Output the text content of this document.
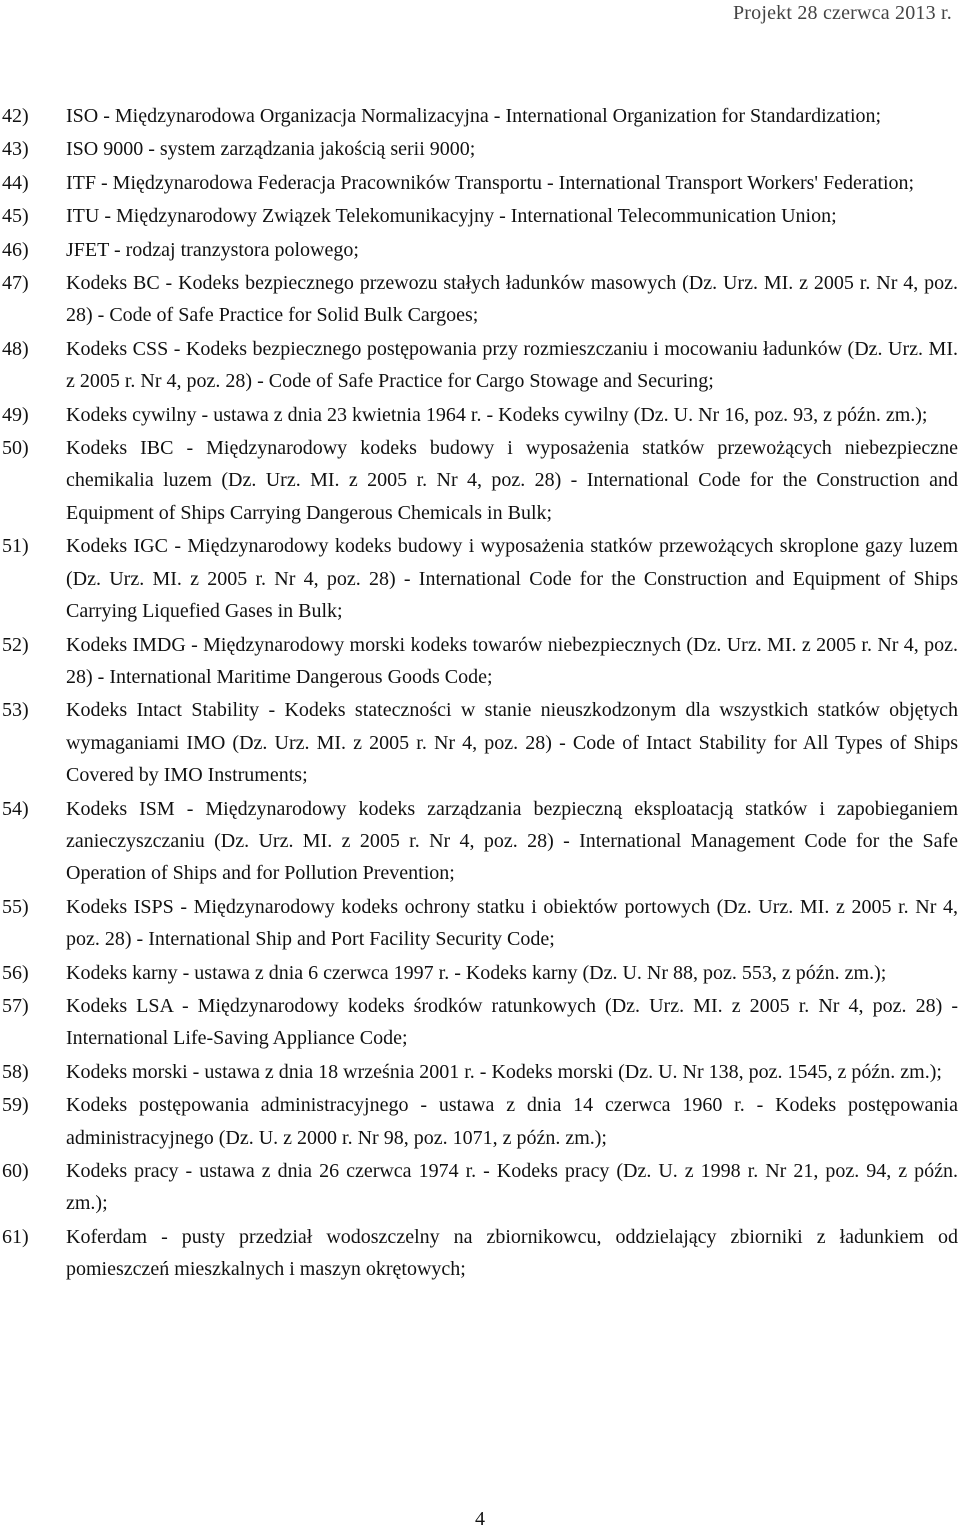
Projekt 28 czerwca 2013 r.
42)	ISO - Międzynarodowa Organizacja Normalizacyjna - International Organization for Standardization;
43)	ISO 9000 - system zarządzania jakością serii 9000;
44)	ITF - Międzynarodowa Federacja Pracowników Transportu - International Transport Workers' Federation;
45)	ITU - Międzynarodowy Związek Telekomunikacyjny - International Telecommunication Union;
46)	JFET - rodzaj tranzystora polowego;
47)	Kodeks BC - Kodeks bezpiecznego przewozu stałych ładunków masowych (Dz. Urz. MI. z 2005 r. Nr 4, poz. 28) - Code of Safe Practice for Solid Bulk Cargoes;
48)	Kodeks CSS - Kodeks bezpiecznego postępowania przy rozmieszczaniu i mocowaniu ładunków (Dz. Urz. MI. z 2005 r. Nr 4, poz. 28) - Code of Safe Practice for Cargo Stowage and Securing;
49)	Kodeks cywilny - ustawa z dnia 23 kwietnia 1964 r. - Kodeks cywilny (Dz. U. Nr 16, poz. 93, z późn. zm.);
50)	Kodeks IBC - Międzynarodowy kodeks budowy i wyposażenia statków przewożących niebezpieczne chemikalia luzem (Dz. Urz. MI. z 2005 r. Nr 4, poz. 28) - International Code for the Construction and Equipment of Ships Carrying Dangerous Chemicals in Bulk;
51)	Kodeks IGC - Międzynarodowy kodeks budowy i wyposażenia statków przewożących skroplone gazy luzem (Dz. Urz. MI. z 2005 r. Nr 4, poz. 28) - International Code for the Construction and Equipment of Ships Carrying Liquefied Gases in Bulk;
52)	Kodeks IMDG - Międzynarodowy morski kodeks towarów niebezpiecznych (Dz. Urz. MI. z 2005 r. Nr 4, poz. 28) - International Maritime Dangerous Goods Code;
53)	Kodeks Intact Stability - Kodeks stateczności w stanie nieuszkodzonym dla wszystkich statków objętych wymaganiami IMO (Dz. Urz. MI. z 2005 r. Nr 4, poz. 28) - Code of Intact Stability for All Types of Ships Covered by IMO Instruments;
54)	Kodeks ISM - Międzynarodowy kodeks zarządzania bezpieczną eksploatacją statków i zapobieganiem zanieczyszczaniu (Dz. Urz. MI. z 2005 r. Nr 4, poz. 28) - International Management Code for the Safe Operation of Ships and for Pollution Prevention;
55)	Kodeks ISPS - Międzynarodowy kodeks ochrony statku i obiektów portowych (Dz. Urz. MI. z 2005 r. Nr 4, poz. 28) - International Ship and Port Facility Security Code;
56)	Kodeks karny - ustawa z dnia 6 czerwca 1997 r. - Kodeks karny (Dz. U. Nr 88, poz. 553, z późn. zm.);
57)	Kodeks LSA - Międzynarodowy kodeks środków ratunkowych (Dz. Urz. MI. z 2005 r. Nr 4, poz. 28) - International Life-Saving Appliance Code;
58)	Kodeks morski - ustawa z dnia 18 września 2001 r. - Kodeks morski (Dz. U. Nr 138, poz. 1545, z późn. zm.);
59)	Kodeks postępowania administracyjnego - ustawa z dnia 14 czerwca 1960 r. - Kodeks postępowania administracyjnego (Dz. U. z 2000 r. Nr 98, poz. 1071, z późn. zm.);
60)	Kodeks pracy - ustawa z dnia 26 czerwca 1974 r. - Kodeks pracy (Dz. U. z 1998 r. Nr 21, poz. 94, z późn. zm.);
61)	Koferdam - pusty przedział wodoszczelny na zbiornikowcu, oddzielający zbiorniki z ładunkiem od pomieszczeń mieszkalnych i maszyn okrętowych;
4
